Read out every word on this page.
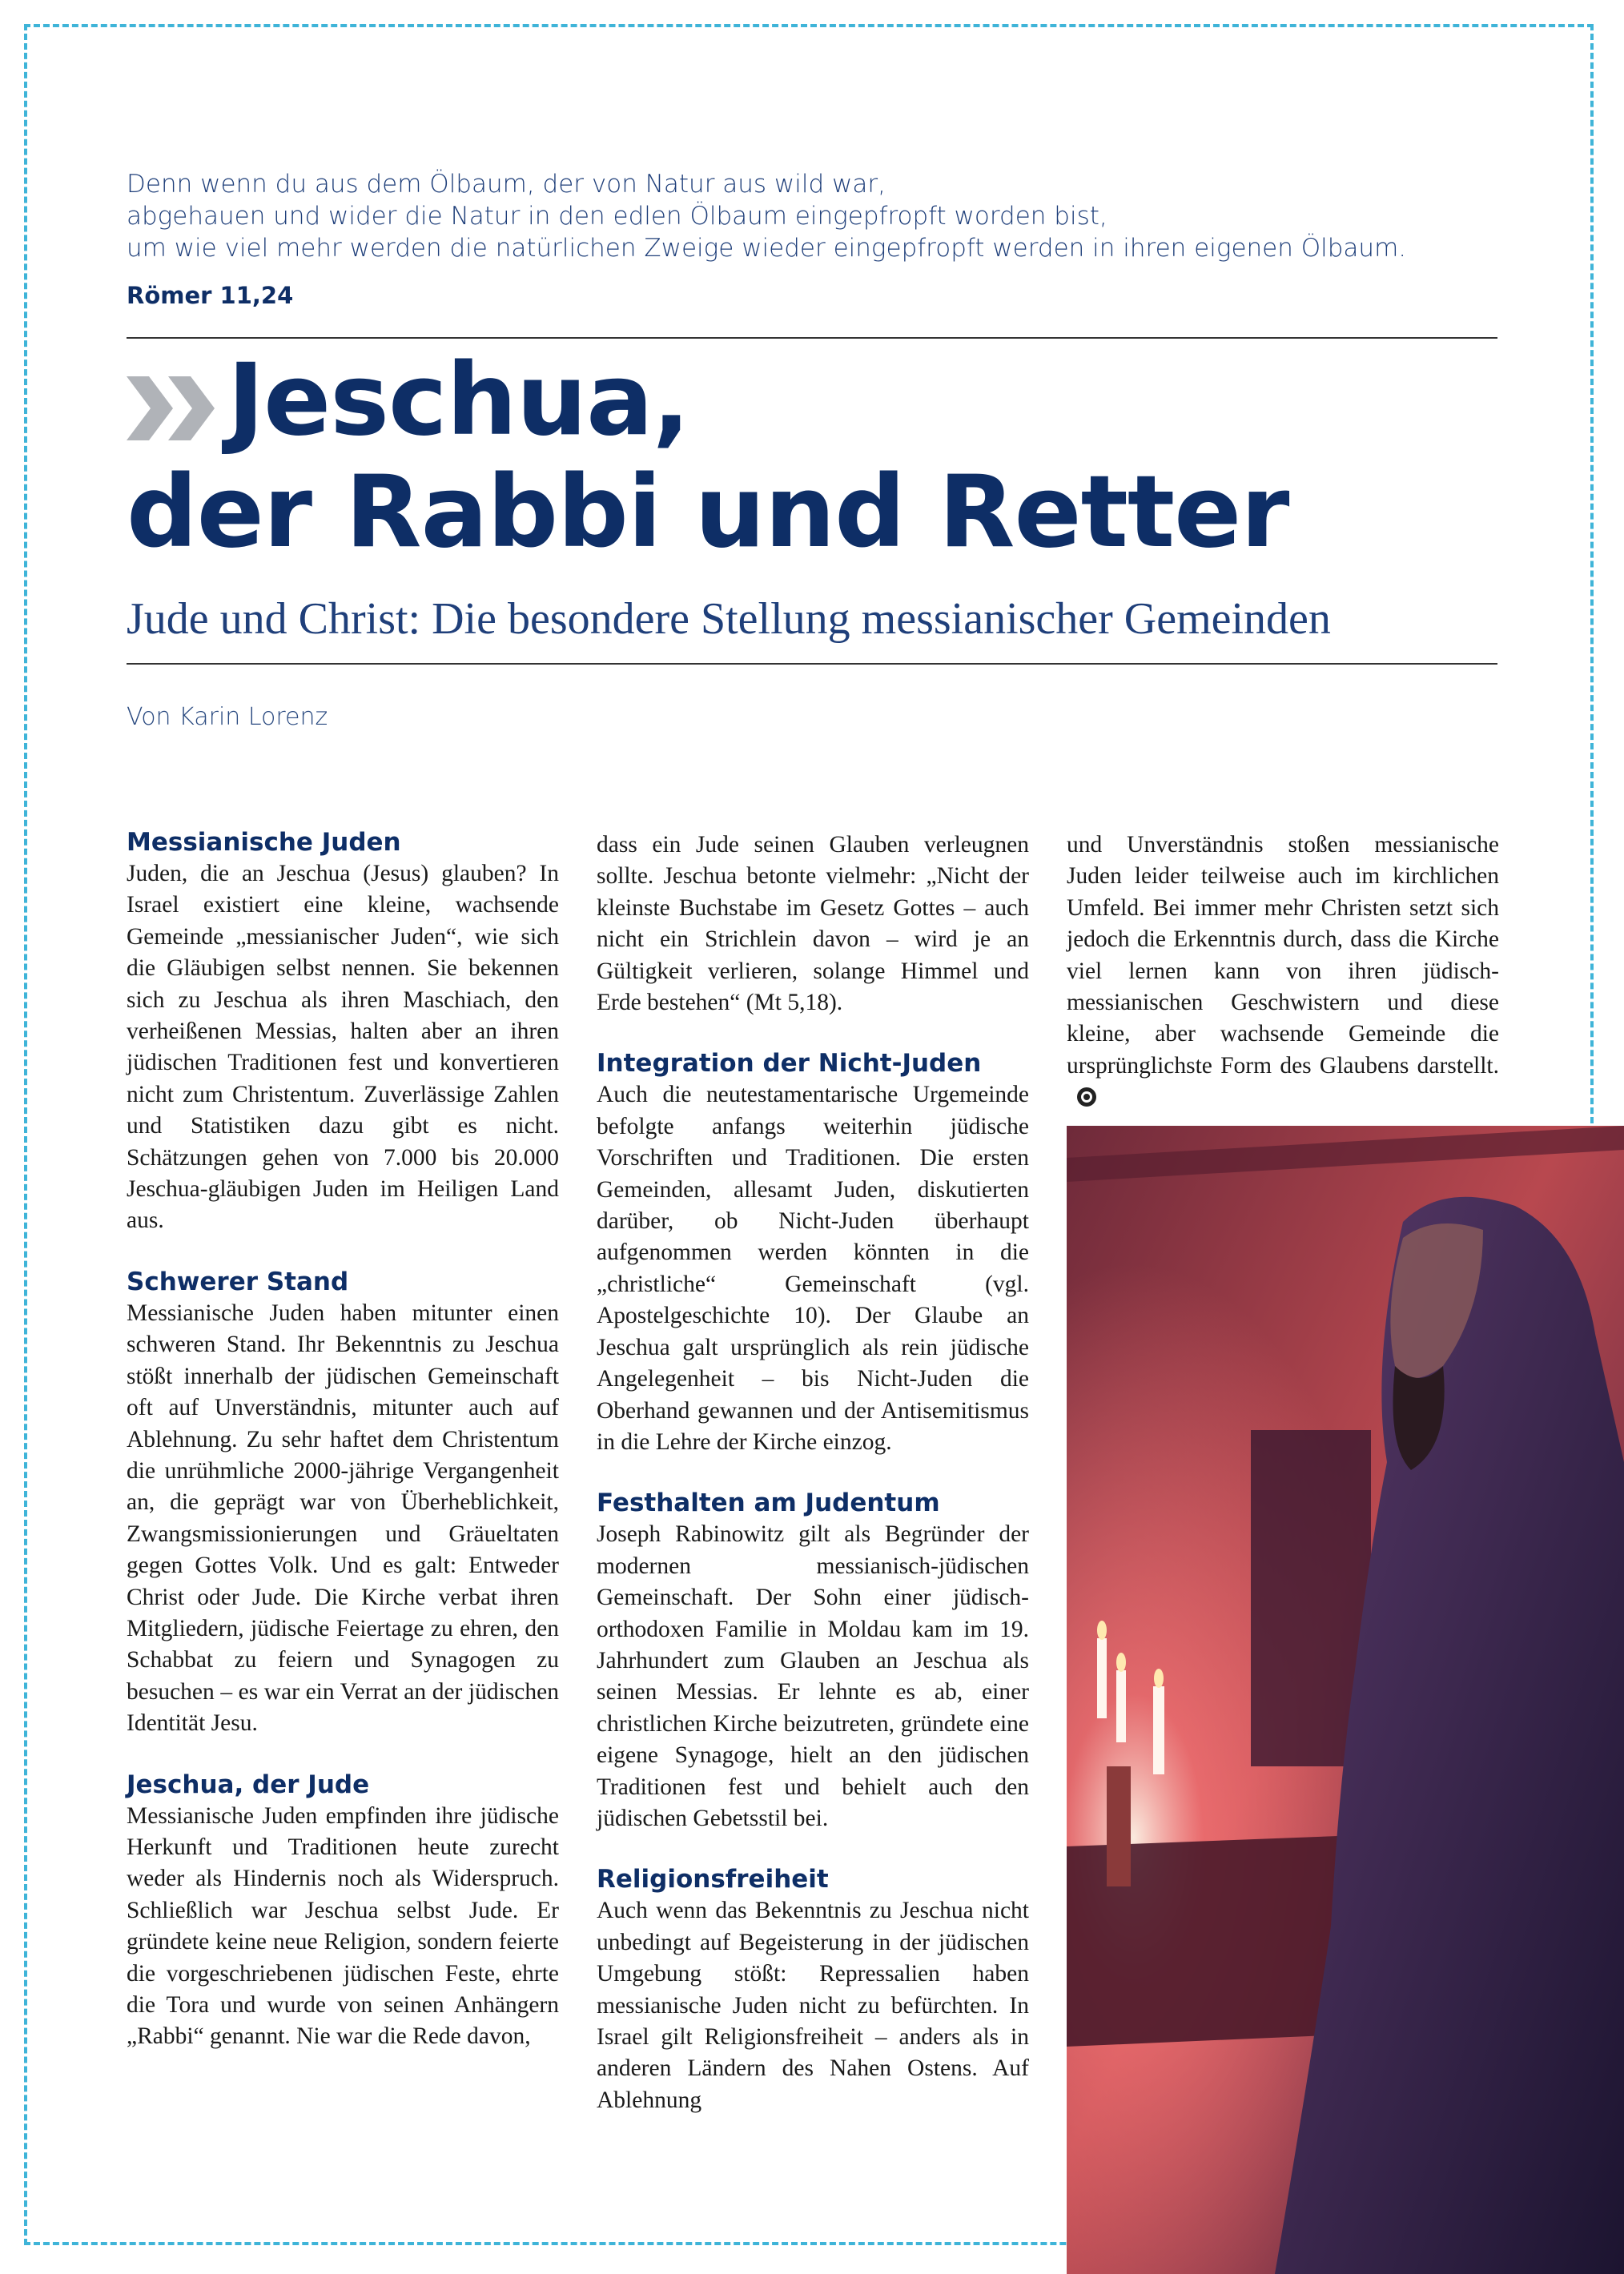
Denn wenn du aus dem Ölbaum, der von Natur aus wild war,
abgehauen und wider die Natur in den edlen Ölbaum eingepfropft worden bist,
um wie viel mehr werden die natürlichen Zweige wieder eingepfropft werden in ihren eigenen Ölbaum.
Römer 11,24
Jeschua,
der Rabbi und Retter
Jude und Christ: Die besondere Stellung messianischer Gemeinden
Von Karin Lorenz
Messianische Juden

Juden, die an Jeschua (Jesus) glauben? In Israel existiert eine kleine, wachsende Gemeinde „messianischer Juden“, wie sich die Gläubigen selbst nennen. Sie bekennen sich zu Jeschua als ihren Maschiach, den verheißenen Messias, halten aber an ihren jüdischen Traditionen fest und konvertieren nicht zum Christentum. Zuverlässige Zahlen und Statistiken dazu gibt es nicht. Schätzungen gehen von 7.000 bis 20.000 Jeschua-gläubigen Juden im Heiligen Land aus.

Schwerer Stand

Messianische Juden haben mitunter einen schweren Stand. Ihr Bekenntnis zu Jeschua stößt innerhalb der jüdischen Gemeinschaft oft auf Unverständnis, mitunter auch auf Ablehnung. Zu sehr haftet dem Christentum die unrühmliche 2000-jährige Vergangenheit an, die geprägt war von Überheblichkeit, Zwangsmissionierungen und Gräueltaten gegen Gottes Volk. Und es galt: Entweder Christ oder Jude. Die Kirche verbat ihren Mitgliedern, jüdische Feiertage zu ehren, den Schabbat zu feiern und Synagogen zu besuchen – es war ein Verrat an der jüdischen Identität Jesu.

Jeschua, der Jude

Messianische Juden empfinden ihre jüdische Herkunft und Traditionen heute zurecht weder als Hindernis noch als Widerspruch. Schließlich war Jeschua selbst Jude. Er gründete keine neue Religion, sondern feierte die vorgeschriebenen jüdischen Feste, ehrte die Tora und wurde von seinen Anhängern „Rabbi“ genannt. Nie war die Rede davon,

dass ein Jude seinen Glauben verleugnen sollte. Jeschua betonte vielmehr: „Nicht der kleinste Buchstabe im Gesetz Gottes – auch nicht ein Strichlein davon – wird je an Gültigkeit verlieren, solange Himmel und Erde bestehen“ (Mt 5,18).

Integration der Nicht-Juden

Auch die neutestamentarische Urgemeinde befolgte anfangs weiterhin jüdische Vorschriften und Traditionen. Die ersten Gemeinden, allesamt Juden, diskutierten darüber, ob Nicht-Juden überhaupt aufgenommen werden könnten in die „christliche“ Gemeinschaft (vgl. Apostelgeschichte 10). Der Glaube an Jeschua galt ursprünglich als rein jüdische Angelegenheit – bis Nicht-Juden die Oberhand gewannen und der Antisemitismus in die Lehre der Kirche einzog.

Festhalten am Judentum

Joseph Rabinowitz gilt als Begründer der modernen messianisch-jüdischen Gemeinschaft. Der Sohn einer jüdisch-orthodoxen Familie in Moldau kam im 19. Jahrhundert zum Glauben an Jeschua als seinen Messias. Er lehnte es ab, einer christlichen Kirche beizutreten, gründete eine eigene Synagoge, hielt an den jüdischen Traditionen fest und behielt auch den jüdischen Gebetsstil bei.

Religionsfreiheit

Auch wenn das Bekenntnis zu Jeschua nicht unbedingt auf Begeisterung in der jüdischen Umgebung stößt: Repressalien haben messianische Juden nicht zu befürchten. In Israel gilt Religionsfreiheit – anders als in anderen Ländern des Nahen Ostens. Auf Ablehnung

und Unverständnis stoßen messianische Juden leider teilweise auch im kirchlichen Umfeld. Bei immer mehr Christen setzt sich jedoch die Erkenntnis durch, dass die Kirche viel lernen kann von ihren jüdisch-messianischen Geschwistern und diese kleine, aber wachsende Gemeinde die ursprünglichste Form des Glaubens darstellt.
